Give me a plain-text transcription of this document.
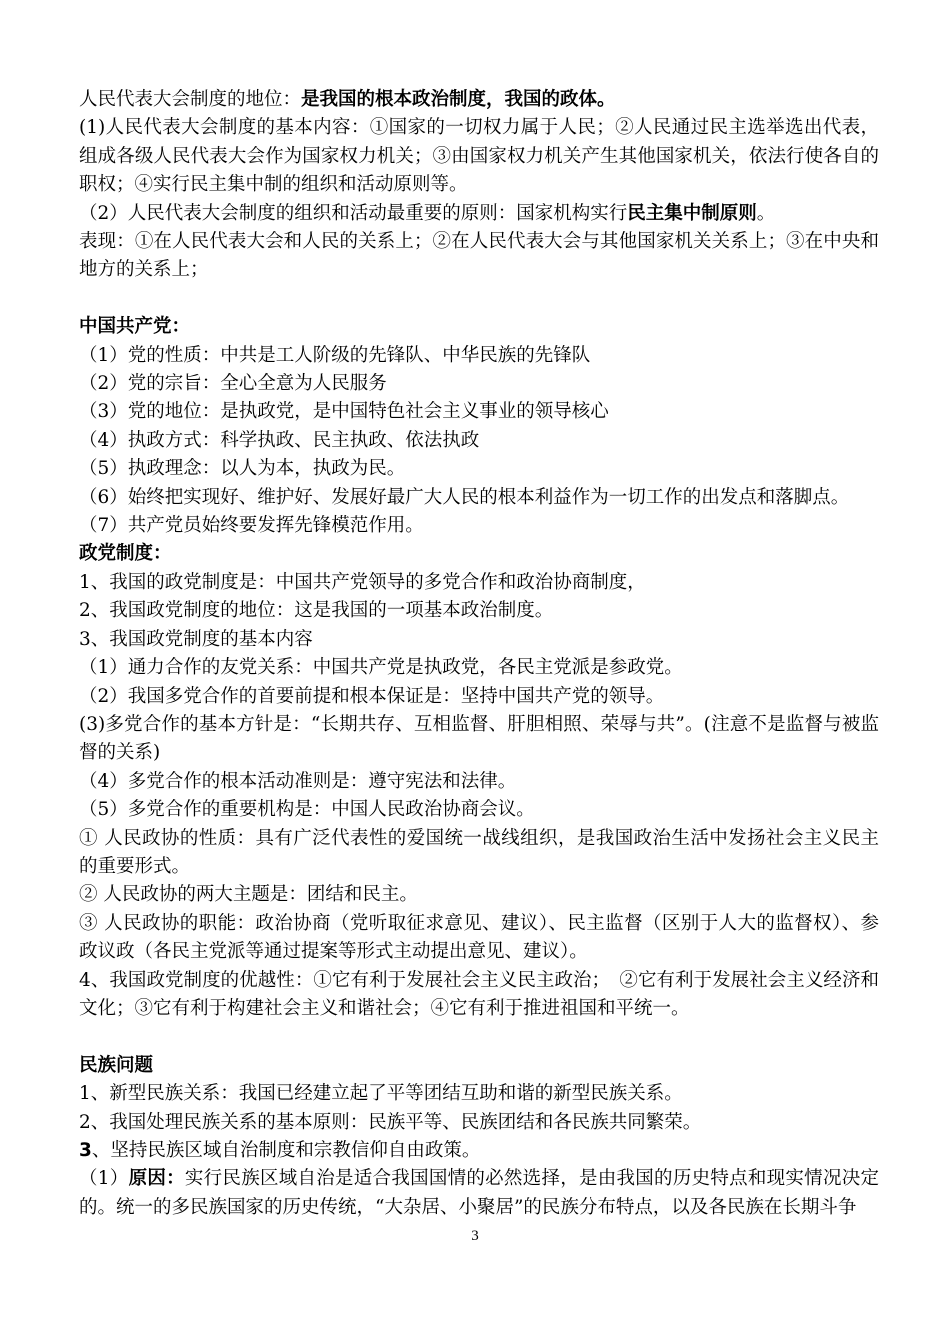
人民代表大会制度的地位：是我国的根本政治制度，我国的政体。
(1)人民代表大会制度的基本内容：①国家的一切权力属于人民；②人民通过民主选举选出代表，组成各级人民代表大会作为国家权力机关；③由国家权力机关产生其他国家机关，依法行使各自的职权；④实行民主集中制的组织和活动原则等。
（2）人民代表大会制度的组织和活动最重要的原则：国家机构实行民主集中制原则。
表现：①在人民代表大会和人民的关系上；②在人民代表大会与其他国家机关关系上；③在中央和地方的关系上；
中国共产党：
（1）党的性质：中共是工人阶级的先锋队、中华民族的先锋队
（2）党的宗旨：全心全意为人民服务
（3）党的地位：是执政党，是中国特色社会主义事业的领导核心
（4）执政方式：科学执政、民主执政、依法执政
（5）执政理念：以人为本，执政为民。
（6）始终把实现好、维护好、发展好最广大人民的根本利益作为一切工作的出发点和落脚点。
（7）共产党员始终要发挥先锋模范作用。
政党制度：
1、我国的政党制度是：中国共产党领导的多党合作和政治协商制度，
2、我国政党制度的地位：这是我国的一项基本政治制度。
3、我国政党制度的基本内容
（1）通力合作的友党关系：中国共产党是执政党，各民主党派是参政党。
（2）我国多党合作的首要前提和根本保证是：坚持中国共产党的领导。
(3)多党合作的基本方针是：“长期共存、互相监督、肝胆相照、荣辱与共”。(注意不是监督与被监督的关系)
（4）多党合作的根本活动准则是：遵守宪法和法律。
（5）多党合作的重要机构是：中国人民政治协商会议。
① 人民政协的性质：具有广泛代表性的爱国统一战线组织，是我国政治生活中发扬社会主义民主的重要形式。
② 人民政协的两大主题是：团结和民主。
③ 人民政协的职能：政治协商（党听取征求意见、建议）、民主监督（区别于人大的监督权）、参政议政（各民主党派等通过提案等形式主动提出意见、建议）。
4、我国政党制度的优越性：①它有利于发展社会主义民主政治；　②它有利于发展社会主义经济和文化；③它有利于构建社会主义和谐社会；④它有利于推进祖国和平统一。
民族问题
1、新型民族关系：我国已经建立起了平等团结互助和谐的新型民族关系。
2、我国处理民族关系的基本原则：民族平等、民族团结和各民族共同繁荣。
3、坚持民族区域自治制度和宗教信仰自由政策。
（1）原因：实行民族区域自治是适合我国国情的必然选择，是由我国的历史特点和现实情况决定的。统一的多民族国家的历史传统，“大杂居、小聚居”的民族分布特点，以及各民族在长期斗争
3
